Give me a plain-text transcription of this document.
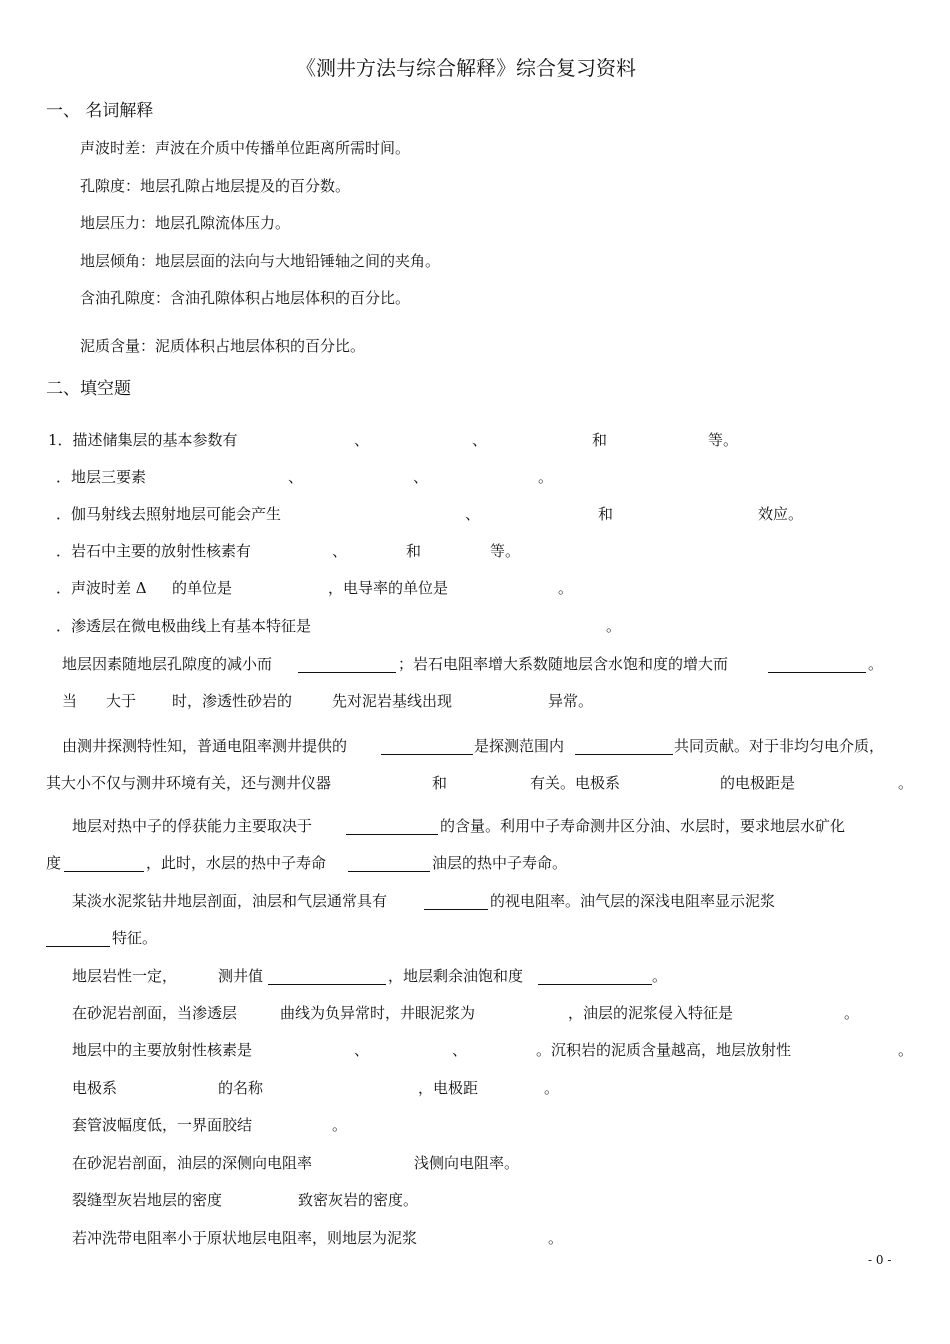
《测井方法与综合解释》综合复习资料
一、 名词解释
声波时差：声波在介质中传播单位距离所需时间。
孔隙度：地层孔隙占地层提及的百分数。
地层压力：地层孔隙流体压力。
地层倾角：地层层面的法向与大地铅锤轴之间的夹角。
含油孔隙度：含油孔隙体积占地层体积的百分比。
泥质含量：泥质体积占地层体积的百分比。
二、填空题
1．描述储集层的基本参数有	、	、	和	等。
．地层三要素	、	、	。
．伽马射线去照射地层可能会产生	、	和	效应。
．岩石中主要的放射性核素有	、	和	等。
．声波时差 Δ 的单位是	，电导率的单位是	。
．渗透层在微电极曲线上有基本特征是	。
地层因素随地层孔隙度的减小而	；岩石电阻率增大系数随地层含水饱和度的增大而	。
当 大于 时，渗透性砂岩的	先对泥岩基线出现	异常。
由测井探测特性知，普通电阻率测井提供的	是探测范围内	共同贡献。对于非均匀电介质，
其大小不仅与测井环境有关，还与测井仪器	和	有关。电极系	的电极距是	。
地层对热中子的俘获能力主要取决于	的含量。利用中子寿命测井区分油、水层时，要求地层水矿化
度	，此时，水层的热中子寿命	油层的热中子寿命。
某淡水泥浆钻井地层剖面，油层和气层通常具有	的视电阻率。油气层的深浅电阻率显示泥浆
特征。
地层岩性一定，	测井值	，地层剩余油饱和度	。
在砂泥岩剖面，当渗透层	曲线为负异常时，井眼泥浆为	，油层的泥浆侵入特征是	。
地层中的主要放射性核素是	、	、	。沉积岩的泥质含量越高，地层放射性	。
电极系	的名称	，电极距	。
套管波幅度低，一界面胶结	。
在砂泥岩剖面，油层的深侧向电阻率	浅侧向电阻率。
裂缝型灰岩地层的密度	致密灰岩的密度。
若冲洗带电阻率小于原状地层电阻率，则地层为泥浆	。
- 0 -
